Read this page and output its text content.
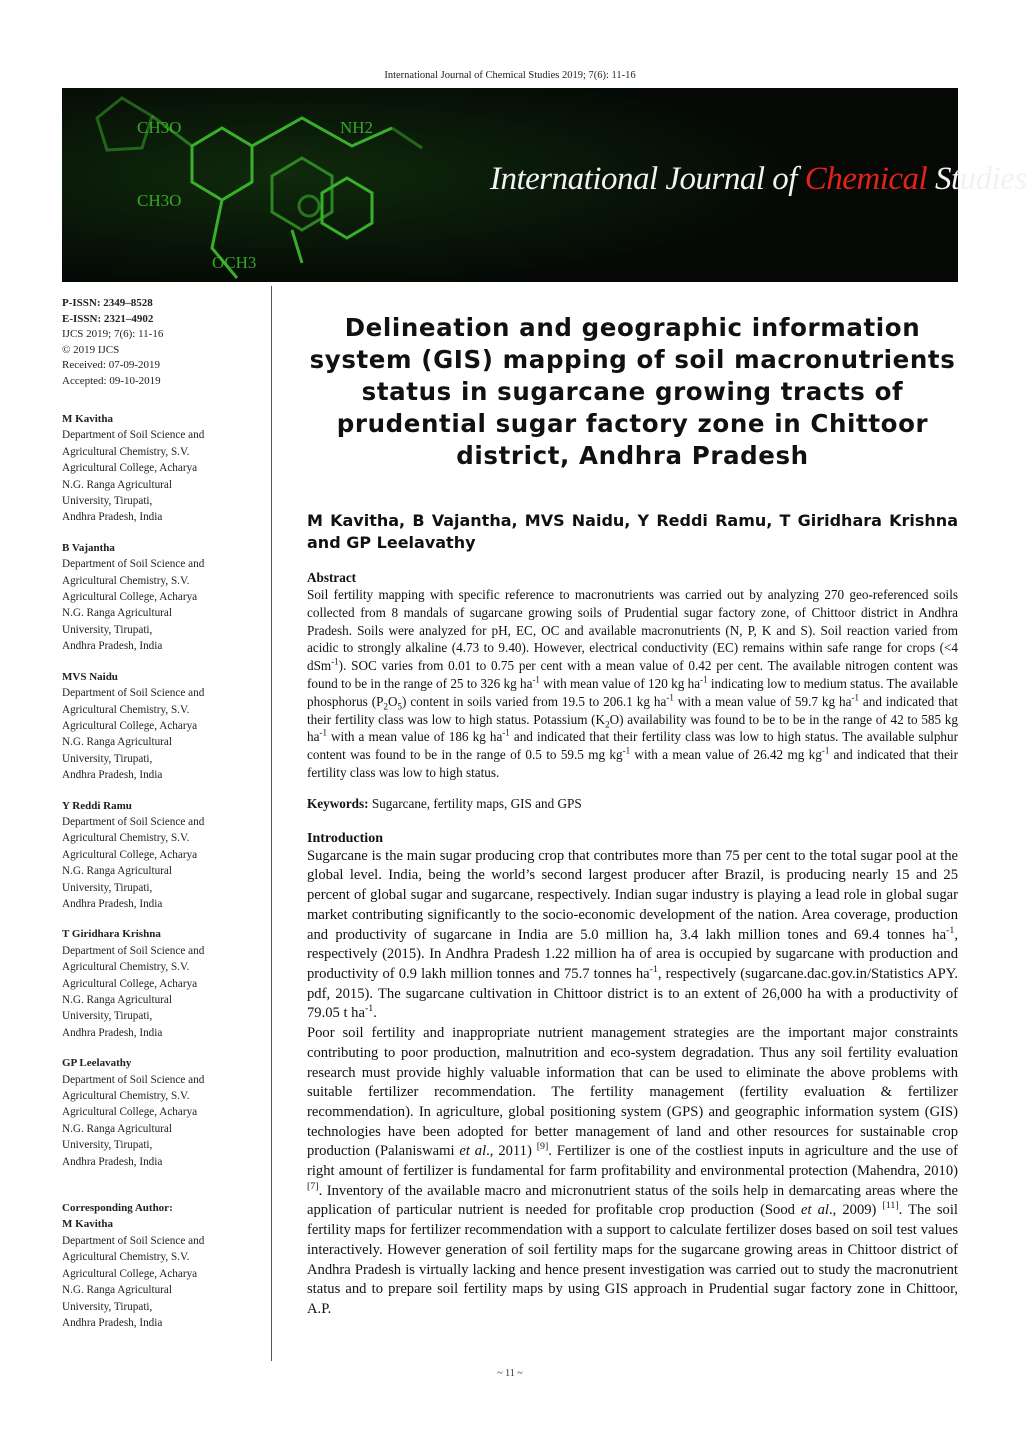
International Journal of Chemical Studies 2019; 7(6): 11-16
CH3O	NH2
CH3O
OCH3
International Journal of Chemical Studies
P-ISSN: 2349–8528
E-ISSN: 2321–4902
IJCS 2019; 7(6): 11-16
© 2019 IJCS
Received: 07-09-2019
Accepted: 09-10-2019
M Kavitha
Department of Soil Science and
Agricultural Chemistry, S.V.
Agricultural College, Acharya
N.G. Ranga Agricultural
University, Tirupati,
Andhra Pradesh, India
B Vajantha
Department of Soil Science and
Agricultural Chemistry, S.V.
Agricultural College, Acharya
N.G. Ranga Agricultural
University, Tirupati,
Andhra Pradesh, India
MVS Naidu
Department of Soil Science and
Agricultural Chemistry, S.V.
Agricultural College, Acharya
N.G. Ranga Agricultural
University, Tirupati,
Andhra Pradesh, India
Y Reddi Ramu
Department of Soil Science and
Agricultural Chemistry, S.V.
Agricultural College, Acharya
N.G. Ranga Agricultural
University, Tirupati,
Andhra Pradesh, India
T Giridhara Krishna
Department of Soil Science and
Agricultural Chemistry, S.V.
Agricultural College, Acharya
N.G. Ranga Agricultural
University, Tirupati,
Andhra Pradesh, India
GP Leelavathy
Department of Soil Science and
Agricultural Chemistry, S.V.
Agricultural College, Acharya
N.G. Ranga Agricultural
University, Tirupati,
Andhra Pradesh, India
Corresponding Author:
M Kavitha
Department of Soil Science and
Agricultural Chemistry, S.V.
Agricultural College, Acharya
N.G. Ranga Agricultural
University, Tirupati,
Andhra Pradesh, India
Delineation and geographic information system (GIS) mapping of soil macronutrients status in sugarcane growing tracts of prudential sugar factory zone in Chittoor district, Andhra Pradesh
M Kavitha, B Vajantha, MVS Naidu, Y Reddi Ramu, T Giridhara Krishna and GP Leelavathy
Abstract

Soil fertility mapping with specific reference to macronutrients was carried out by analyzing 270 geo-referenced soils collected from 8 mandals of sugarcane growing soils of Prudential sugar factory zone, of Chittoor district in Andhra Pradesh. Soils were analyzed for pH, EC, OC and available macronutrients (N, P, K and S). Soil reaction varied from acidic to strongly alkaline (4.73 to 9.40). However, electrical conductivity (EC) remains within safe range for crops (<4 dSm$^{-1}$). SOC varies from 0.01 to 0.75 per cent with a mean value of 0.42 per cent. The available nitrogen content was found to be in the range of 25 to 326 kg $ha^{-1}$ with mean value of 120 kg $ha^{-1}$ indicating low to medium status. The available phosphorus $(P_2O_5)$ content in soils varied from 19.5 to 206.1 kg $ha^{-1}$ with a mean value of 59.7 kg $ha^{-1}$ and indicated that their fertility class was low to high status. Potassium $(K_2O)$ availability was found to be to be in the range of 42 to 585 kg $ha^{-1}$ with a mean value of 186 kg $ha^{-1}$ and indicated that their fertility class was low to high status. The available sulphur content was found to be in the range of 0.5 to 59.5 mg $kg^{-1}$ with a mean value of 26.42 mg $kg^{-1}$ and indicated that their fertility class was low to high status.

Keywords: Sugarcane, fertility maps, GIS and GPS
Introduction

Sugarcane is the main sugar producing crop that contributes more than 75 per cent to the total sugar pool at the global level. India, being the world’s second largest producer after Brazil, is producing nearly 15 and 25 percent of global sugar and sugarcane, respectively. Indian sugar industry is playing a lead role in global sugar market contributing significantly to the socio-economic development of the nation. Area coverage, production and productivity of sugarcane in India are 5.0 million ha, 3.4 lakh million tones and 69.4 tonnes $ha^{-1}$, respectively (2015). In Andhra Pradesh 1.22 million ha of area is occupied by sugarcane with production and productivity of 0.9 lakh million tonnes and 75.7 tonnes $ha^{-1}$, respectively (sugarcane.dac.gov.in/Statistics APY. pdf, 2015). The sugarcane cultivation in Chittoor district is to an extent of 26,000 ha with a productivity of 79.05 t $ha^{-1}$.

Poor soil fertility and inappropriate nutrient management strategies are the important major constraints contributing to poor production, malnutrition and eco-system degradation. Thus any soil fertility evaluation research must provide highly valuable information that can be used to eliminate the above problems with suitable fertilizer recommendation. The fertility management (fertility evaluation & fertilizer recommendation). In agriculture, global positioning system (GPS) and geographic information system (GIS) technologies have been adopted for better management of land and other resources for sustainable crop production (Palaniswami et al., 2011) [9]. Fertilizer is one of the costliest inputs in agriculture and the use of right amount of fertilizer is fundamental for farm profitability and environmental protection (Mahendra, 2010) [7]. Inventory of the available macro and micronutrient status of the soils help in demarcating areas where the application of particular nutrient is needed for profitable crop production (Sood et al., 2009) [11]. The soil fertility maps for fertilizer recommendation with a support to calculate fertilizer doses based on soil test values interactively. However generation of soil fertility maps for the sugarcane growing areas in Chittoor district of Andhra Pradesh is virtually lacking and hence present investigation was carried out to study the macronutrient status and to prepare soil fertility maps by using GIS approach in Prudential sugar factory zone in Chittoor, A.P.

~ 11 ~
